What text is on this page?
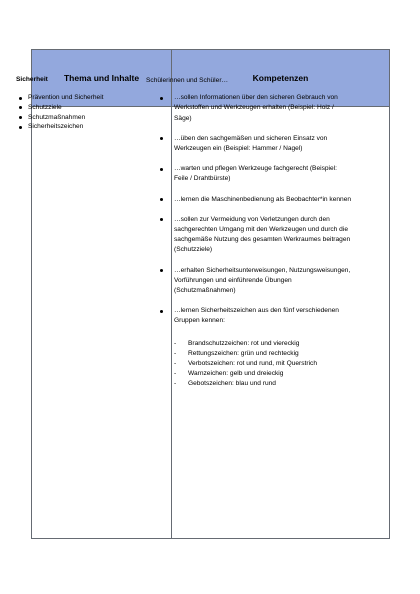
Thema und Inhalte	Kompetenzen

Sicherheit

Prävention und Sicherheit
Schutzziele
Schutzmaßnahmen
Sicherheitszeichen

Schülerinnen und Schüler…

…sollen Informationen über den sicheren Gebrauch von Werkstoffen und Werkzeugen erhalten (Beispiel: Holz / Säge)
…üben den sachgemäßen und sicheren Einsatz von Werkzeugen ein (Beispiel: Hammer / Nagel)
…warten und pflegen Werkzeuge fachgerecht (Beispiel: Feile / Drahtbürste)
…lernen die Maschinenbedienung als Beobachter*in kennen
…sollen zur Vermeidung von Verletzungen durch den sachgerechten Umgang mit den Werkzeugen und durch die sachgemäße Nutzung des gesamten Werkraumes beitragen (Schutzziele)
…erhalten Sicherheitsunterweisungen, Nutzungsweisungen, Vorführungen und einführende Übungen (Schutzmaßnahmen)
…lernen Sicherheitszeichen aus den fünf verschiedenen Gruppen kennen:
- Brandschutzzeichen: rot und viereckig
- Rettungszeichen: grün und rechteckig
- Verbotszeichen: rot und rund, mit Querstrich
- Warnzeichen: gelb und dreieckig
- Gebotszeichen: blau und rund
